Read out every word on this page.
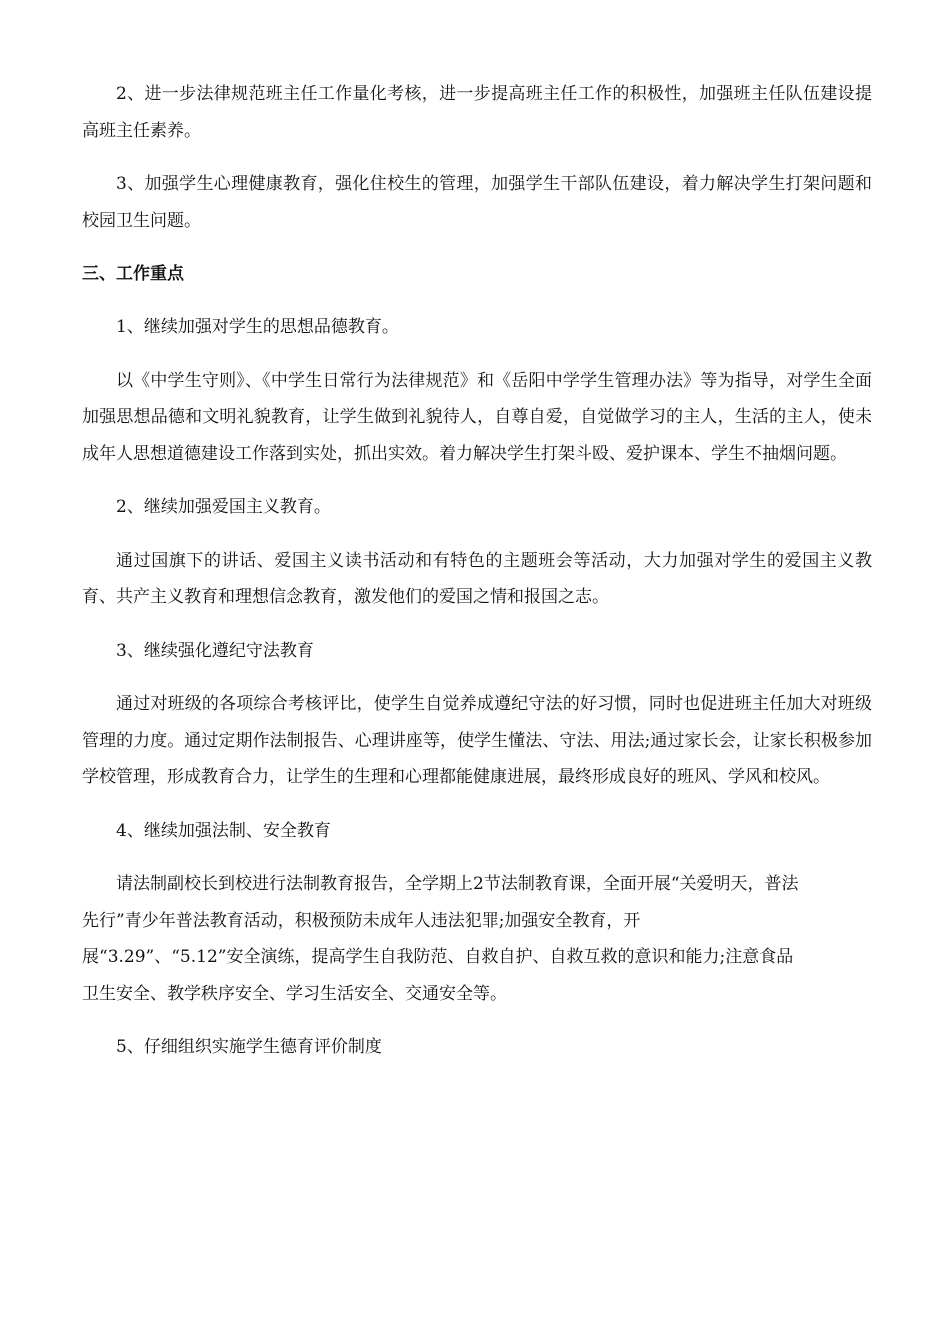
2、进一步法律规范班主任工作量化考核，进一步提高班主任工作的积极性，加强班主任队伍建设提高班主任素养。

3、加强学生心理健康教育，强化住校生的管理，加强学生干部队伍建设，着力解决学生打架问题和校园卫生问题。

三、工作重点

1、继续加强对学生的思想品德教育。

以《中学生守则》、《中学生日常行为法律规范》和《岳阳中学学生管理办法》等为指导，对学生全面加强思想品德和文明礼貌教育，让学生做到礼貌待人，自尊自爱，自觉做学习的主人，生活的主人，使未成年人思想道德建设工作落到实处，抓出实效。着力解决学生打架斗殴、爱护课本、学生不抽烟问题。

2、继续加强爱国主义教育。

通过国旗下的讲话、爱国主义读书活动和有特色的主题班会等活动，大力加强对学生的爱国主义教育、共产主义教育和理想信念教育，激发他们的爱国之情和报国之志。

3、继续强化遵纪守法教育

通过对班级的各项综合考核评比，使学生自觉养成遵纪守法的好习惯，同时也促进班主任加大对班级管理的力度。通过定期作法制报告、心理讲座等，使学生懂法、守法、用法;通过家长会，让家长积极参加学校管理，形成教育合力，让学生的生理和心理都能健康进展，最终形成良好的班风、学风和校风。

4、继续加强法制、安全教育

请法制副校长到校进行法制教育报告，全学期上2节法制教育课，全面开展“关爱明天，普法
先行”青少年普法教育活动，积极预防未成年人违法犯罪;加强安全教育，开
展“3.29”、“5.12”安全演练，提高学生自我防范、自救自护、自救互救的意识和能力;注意食品
卫生安全、教学秩序安全、学习生活安全、交通安全等。

5、仔细组织实施学生德育评价制度
